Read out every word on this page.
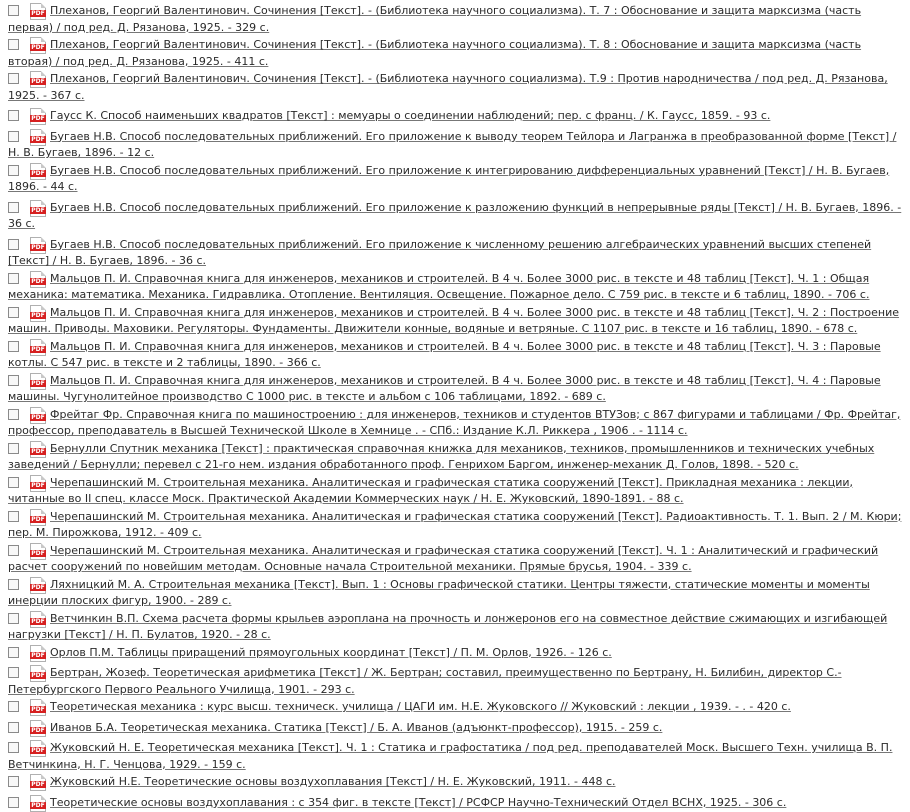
PDF Плеханов, Георгий Валентинович. Сочинения [Текст]. - (Библиотека научного социализма). Т. 7 : Обоснование и защита марксизма (часть первая) / под ред. Д. Рязанова, 1925. - 329 с.
PDF Плеханов, Георгий Валентинович. Сочинения [Текст]. - (Библиотека научного социализма). Т. 8 : Обоснование и защита марксизма (часть вторая) / под ред. Д. Рязанова, 1925. - 411 с.
PDF Плеханов, Георгий Валентинович. Сочинения [Текст]. - (Библиотека научного социализма). Т.9 : Против народничества / под ред. Д. Рязанова, 1925. - 367 с.
PDF Гаусс К. Способ наименьших квадратов [Текст] : мемуары о соединении наблюдений; пер. с франц. / К. Гаусс, 1859. - 93 с.
PDF Бугаев Н.В. Способ последовательных приближений. Его приложение к выводу теорем Тейлора и Лагранжа в преобразованной форме [Текст] / Н. В. Бугаев, 1896. - 12 с.
PDF Бугаев Н.В. Способ последовательных приближений. Его приложение к интегрированию дифференциальных уравнений [Текст] / Н. В. Бугаев, 1896. - 44 с.
PDF Бугаев Н.В. Способ последовательных приближений. Его приложение к разложению функций в непрерывные ряды [Текст] / Н. В. Бугаев, 1896. - 36 с.
PDF Бугаев Н.В. Способ последовательных приближений. Его приложение к численному решению алгебраических уравнений высших степеней [Текст] / Н. В. Бугаев, 1896. - 36 с.
PDF Мальцов П. И. Справочная книга для инженеров, механиков и строителей. В 4 ч. Более 3000 рис. в тексте и 48 таблиц [Текст]. Ч. 1 : Общая механика: математика. Механика. Гидравлика. Отопление. Вентиляция. Освещение. Пожарное дело. С 759 рис. в тексте и 6 таблиц, 1890. - 706 с.
PDF Мальцов П. И. Справочная книга для инженеров, механиков и строителей. В 4 ч. Более 3000 рис. в тексте и 48 таблиц [Текст]. Ч. 2 : Построение машин. Приводы. Маховики. Регуляторы. Фундаменты. Движители конные, водяные и ветряные. С 1107 рис. в тексте и 16 таблиц, 1890. - 678 с.
PDF Мальцов П. И. Справочная книга для инженеров, механиков и строителей. В 4 ч. Более 3000 рис. в тексте и 48 таблиц [Текст]. Ч. 3 : Паровые котлы. С 547 рис. в тексте и 2 таблицы, 1890. - 366 с.
PDF Мальцов П. И. Справочная книга для инженеров, механиков и строителей. В 4 ч. Более 3000 рис. в тексте и 48 таблиц [Текст]. Ч. 4 : Паровые машины. Чугунолитейное производство С 1000 рис. в тексте и альбом с 106 таблицами, 1892. - 689 с.
PDF Фрейтаг Фр. Справочная книга по машиностроению : для инженеров, техников и студентов ВТУЗов; с 867 фигурами и таблицами / Фр. Фрейтаг, профессор, преподаватель в Высшей Технической Школе в Хемнице . - СПб.: Издание К.Л. Риккера , 1906 . - 1114 с.
PDF Бернулли Спутник механика [Текст] : практическая справочная книжка для механиков, техников, промышленников и технических учебных заведений / Бернулли; перевел с 21-го нем. издания обработанного проф. Генрихом Баргом, инженер-механик Д. Голов, 1898. - 520 с.
PDF Черепашинский М. Строительная механика. Аналитическая и графическая статика сооружений [Текст]. Прикладная механика : лекции, читанные во II спец. классе Моск. Практической Академии Коммерческих наук / Н. Е. Жуковский, 1890-1891. - 88 с.
PDF Черепашинский М. Строительная механика. Аналитическая и графическая статика сооружений [Текст]. Радиоактивность. Т. 1. Вып. 2 / М. Кюри; пер. М. Пирожкова, 1912. - 409 с.
PDF Черепашинский М. Строительная механика. Аналитическая и графическая статика сооружений [Текст]. Ч. 1 : Аналитический и графический расчет сооружений по новейшим методам. Основные начала Строительной механики. Прямые брусья, 1904. - 339 с.
PDF Ляхницкий М. А. Строительная механика [Текст]. Вып. 1 : Основы графической статики. Центры тяжести, статические моменты и моменты инерции плоских фигур, 1900. - 289 с.
PDF Ветчинкин В.П. Схема расчета формы крыльев аэроплана на прочность и лонжеронов его на совместное действие сжимающих и изгибающей нагрузки [Текст] / Н. П. Булатов, 1920. - 28 с.
PDF Орлов П.М. Таблицы приращений прямоугольных координат [Текст] / П. М. Орлов, 1926. - 126 с.
PDF Бертран, Жозеф. Теоретическая арифметика [Текст] / Ж. Бертран; составил, преимущественно по Бертрану, Н. Билибин, директор С.-Петербургского Первого Реального Училища, 1901. - 293 с.
PDF Теоретическая механика : курс высш. техническ. училища / ЦАГИ им. Н.Е. Жуковского // Жуковский : лекции , 1939. - . - 420 с.
PDF Иванов Б.А. Теоретическая механика. Статика [Текст] / Б. А. Иванов (адъюнкт-профессор), 1915. - 259 с.
PDF Жуковский Н. Е. Теоретическая механика [Текст]. Ч. 1 : Статика и графостатика / под ред. преподавателей Моск. Высшего Техн. училища В. П. Ветчинкина, Н. Г. Ченцова, 1929. - 159 с.
PDF Жуковский Н.Е. Теоретические основы воздухоплавания [Текст] / Н. Е. Жуковский, 1911. - 448 с.
PDF Теоретические основы воздухоплавания : с 354 фиг. в тексте [Текст] / РСФСР Научно-Технический Отдел ВСНХ, 1925. - 306 с.
